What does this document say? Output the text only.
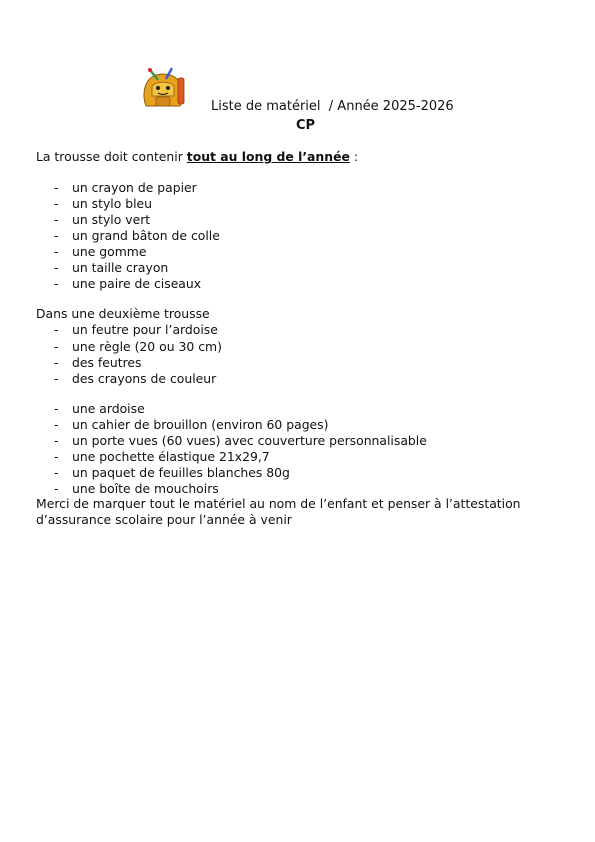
Liste de matériel  / Année 2025-2026
CP
La trousse doit contenir tout au long de l’année :
- un crayon de papier
- un stylo bleu
- un stylo vert
- un grand bâton de colle
- une gomme
- un taille crayon
- une paire de ciseaux
Dans une deuxième trousse
- un feutre pour l’ardoise
- une règle (20 ou 30 cm)
- des feutres
- des crayons de couleur
- une ardoise
- un cahier de brouillon (environ 60 pages)
- un porte vues (60 vues) avec couverture personnalisable
- une pochette élastique 21x29,7
- un paquet de feuilles blanches 80g
- une boîte de mouchoirs
Merci de marquer tout le matériel au nom de l’enfant et penser à l’attestation
d’assurance scolaire pour l’année à venir
